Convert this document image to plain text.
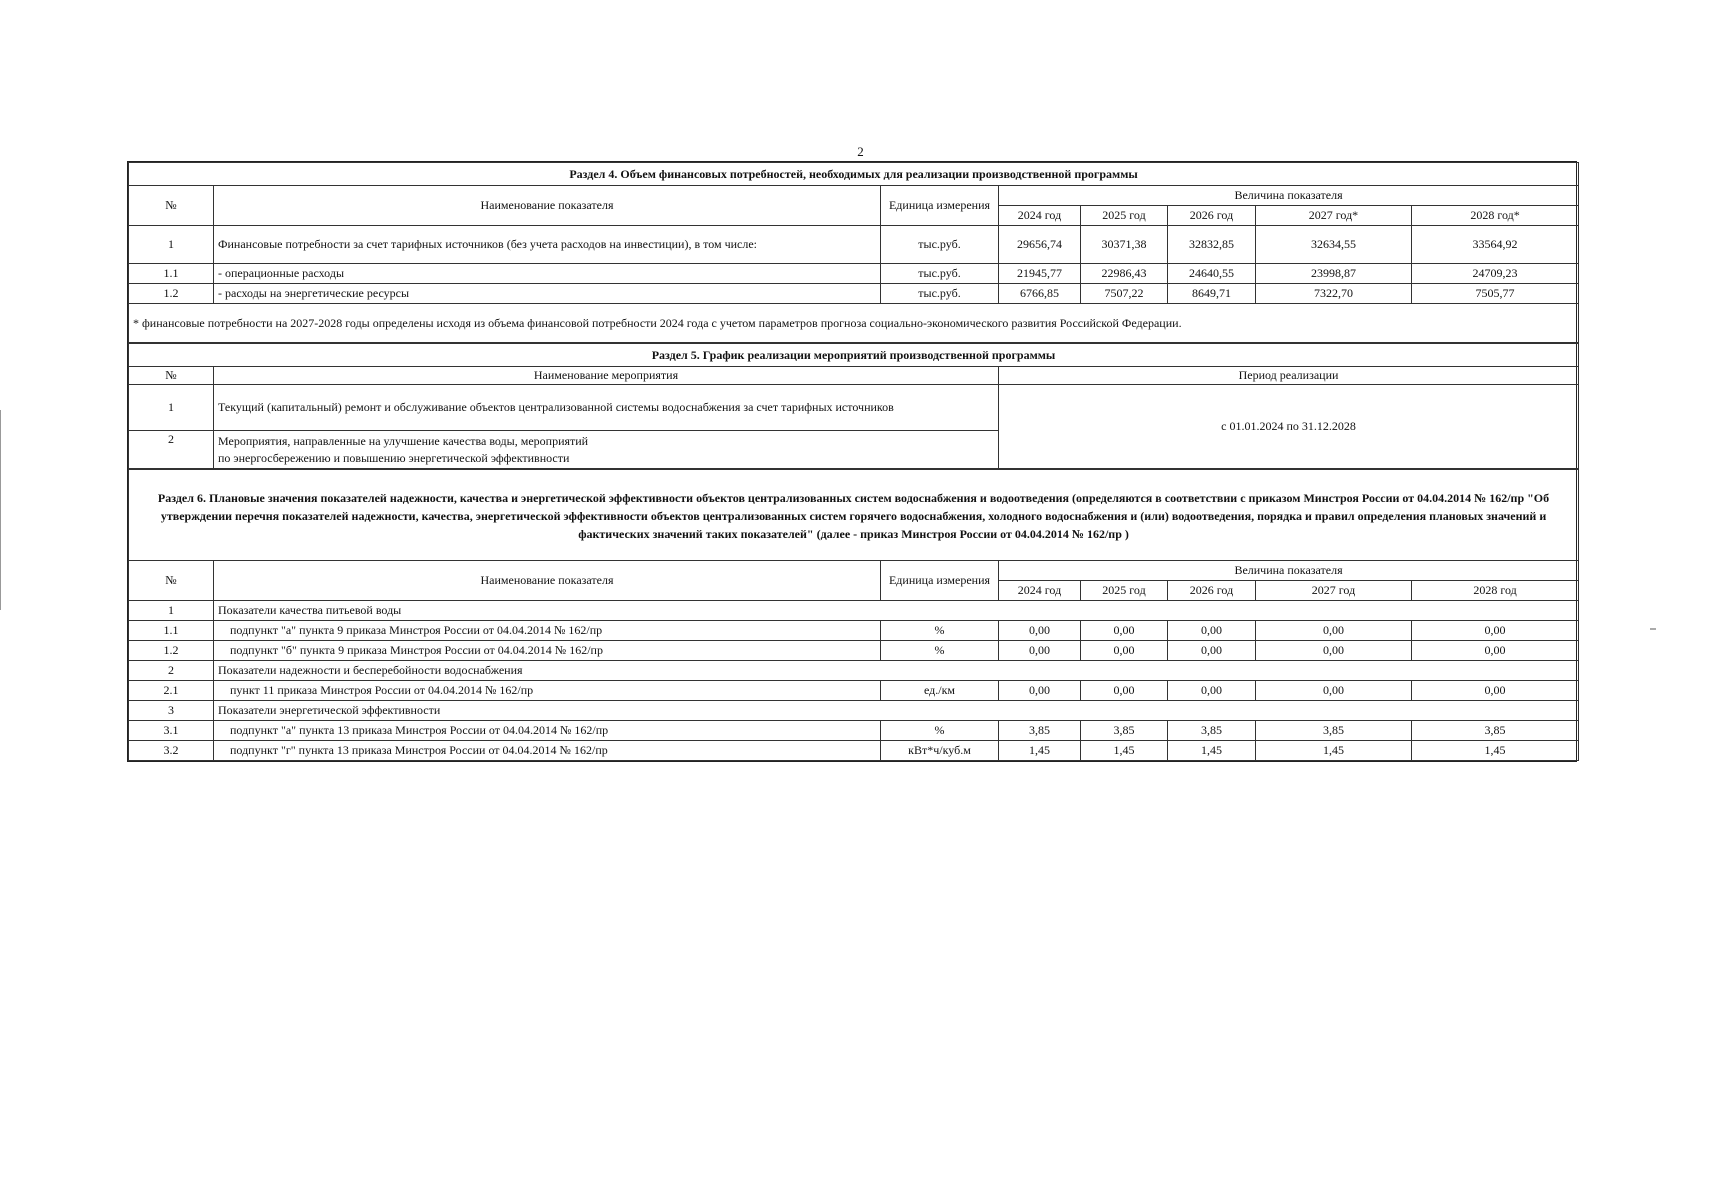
2
Раздел 4. Объем финансовых потребностей, необходимых для реализации производственной программы							
№	Наименование показателя	Единица измерения	Величина показателя				
			2024 год	2025 год	2026 год	2027 год*	2028 год*
1	Финансовые потребности за счет тарифных источников (без учета расходов на инвестиции), в том числе:	тыс.руб.	29656,74	30371,38	32832,85	32634,55	33564,92
1.1	- операционные расходы	тыс.руб.	21945,77	22986,43	24640,55	23998,87	24709,23
1.2	- расходы на энергетические ресурсы	тыс.руб.	6766,85	7507,22	8649,71	7322,70	7505,77
* финансовые потребности на 2027-2028 годы определены исходя из объема финансовой потребности 2024 года с учетом параметров прогноза социально-экономического развития Российской Федерации.							
Раздел 5. График реализации мероприятий производственной программы		
№	Наименование мероприятия	Период реализации
1	Текущий (капитальный) ремонт и обслуживание объектов централизованной системы водоснабжения за счет тарифных источников	с 01.01.2024 по 31.12.2028
2	Мероприятия, направленные на улучшение качества воды, мероприятий
по энергосбережению и повышению энергетической эффективности	
Раздел 6. Плановые значения показателей надежности, качества и энергетической эффективности объектов централизованных систем водоснабжения и водоотведения (определяются в соответствии с приказом Минстроя России от 04.04.2014 № 162/пр "Об утверждении перечня показателей надежности, качества, энергетической эффективности объектов централизованных систем горячего водоснабжения, холодного водоснабжения и (или) водоотведения, порядка и правил определения плановых значений и фактических значений таких показателей" (далее - приказ Минстроя России от 04.04.2014 № 162/пр )							
№	Наименование показателя	Единица измерения	Величина показателя				
			2024 год	2025 год	2026 год	2027 год	2028 год
1	Показатели качества питьевой воды						
1.1	подпункт "а" пункта 9 приказа Минстроя России от 04.04.2014 № 162/пр	%	0,00	0,00	0,00	0,00	0,00
1.2	подпункт "б" пункта 9 приказа Минстроя России от 04.04.2014 № 162/пр	%	0,00	0,00	0,00	0,00	0,00
2	Показатели надежности и бесперебойности водоснабжения						
2.1	пункт 11 приказа Минстроя России от 04.04.2014 № 162/пр	ед./км	0,00	0,00	0,00	0,00	0,00
3	Показатели энергетической эффективности						
3.1	подпункт "а" пункта 13 приказа Минстроя России от 04.04.2014 № 162/пр	%	3,85	3,85	3,85	3,85	3,85
3.2	подпункт "г" пункта 13 приказа Минстроя России от 04.04.2014 № 162/пр	кВт*ч/куб.м	1,45	1,45	1,45	1,45	1,45
